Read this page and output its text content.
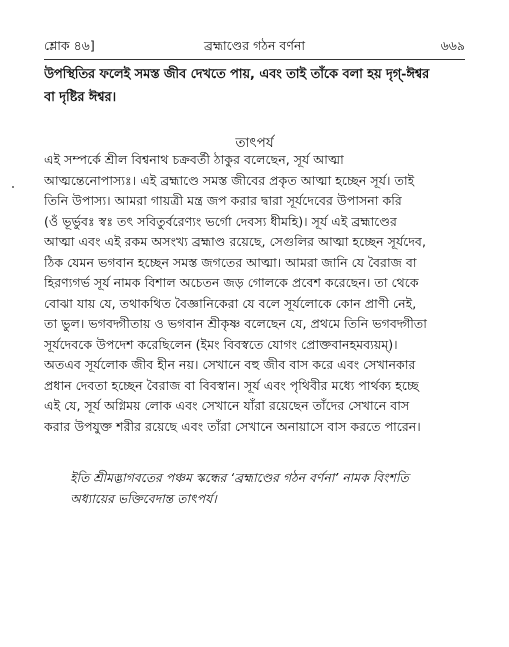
শ্লোক ৪৬]	ব্রহ্মাণ্ডের গঠন বর্ণনা	৬৬৯
উপস্থিতির ফলেই সমস্ত জীব দেখতে পায়, এবং তাই তাঁকে বলা হয় দৃগ্‌-ঈশ্বর
বা দৃষ্টির ঈশ্বর।
তাৎপর্য
এই সম্পর্কে শ্রীল বিশ্বনাথ চক্রবর্তী ঠাকুর বলেছেন, সূর্য আত্মা
আত্মন্তেনোপাস্যঃ। এই ব্রহ্মাণ্ডে সমস্ত জীবের প্রকৃত আত্মা হচ্ছেন সূর্য। তাই
তিনি উপাস্য। আমরা গায়ত্রী মন্ত্র জপ করার দ্বারা সূর্যদেবের উপাসনা করি
(ওঁ ভূর্ভুবঃ স্বঃ তৎ সবিতুর্বরেণ্যং ভর্গো দেবস্য ধীমহি)। সূর্য এই ব্রহ্মাণ্ডের
আত্মা এবং এই রকম অসংখ্য ব্রহ্মাণ্ড রয়েছে, সেগুলির আত্মা হচ্ছেন সূর্যদেব,
ঠিক যেমন ভগবান হচ্ছেন সমস্ত জগতের আত্মা। আমরা জানি যে বৈরাজ বা
হিরণ্যগর্ভ সূর্য নামক বিশাল অচেতন জড় গোলকে প্রবেশ করেছেন। তা থেকে
বোঝা যায় যে, তথাকথিত বৈজ্ঞানিকেরা যে বলে সূর্যলোকে কোন প্রাণী নেই,
তা ভুল। ভগবদ্গীতায় ও ভগবান শ্রীকৃষ্ণ বলেছেন যে, প্রথমে তিনি ভগবদ্গীতা
সূর্যদেবকে উপদেশ করেছিলেন (ইমং বিবস্বতে যোগং প্রোক্তবানহমব্যয়ম্)।
অতএব সূর্যলোক জীব হীন নয়। সেখানে বহু জীব বাস করে এবং সেখানকার
প্রধান দেবতা হচ্ছেন বৈরাজ বা বিবস্বান। সূর্য এবং পৃথিবীর মধ্যে পার্থক্য হচ্ছে
এই যে, সূর্য অগ্নিময় লোক এবং সেখানে যাঁরা রয়েছেন তাঁদের সেখানে বাস
করার উপযুক্ত শরীর রয়েছে এবং তাঁরা সেখানে অনায়াসে বাস করতে পারেন।
ইতি শ্রীমদ্ভাগবতের পঞ্চম স্কন্ধের ‘ব্রহ্মাণ্ডের গঠন বর্ণনা’ নামক বিংশতি
অধ্যায়ের ভক্তিবেদান্ত তাৎপর্য।
